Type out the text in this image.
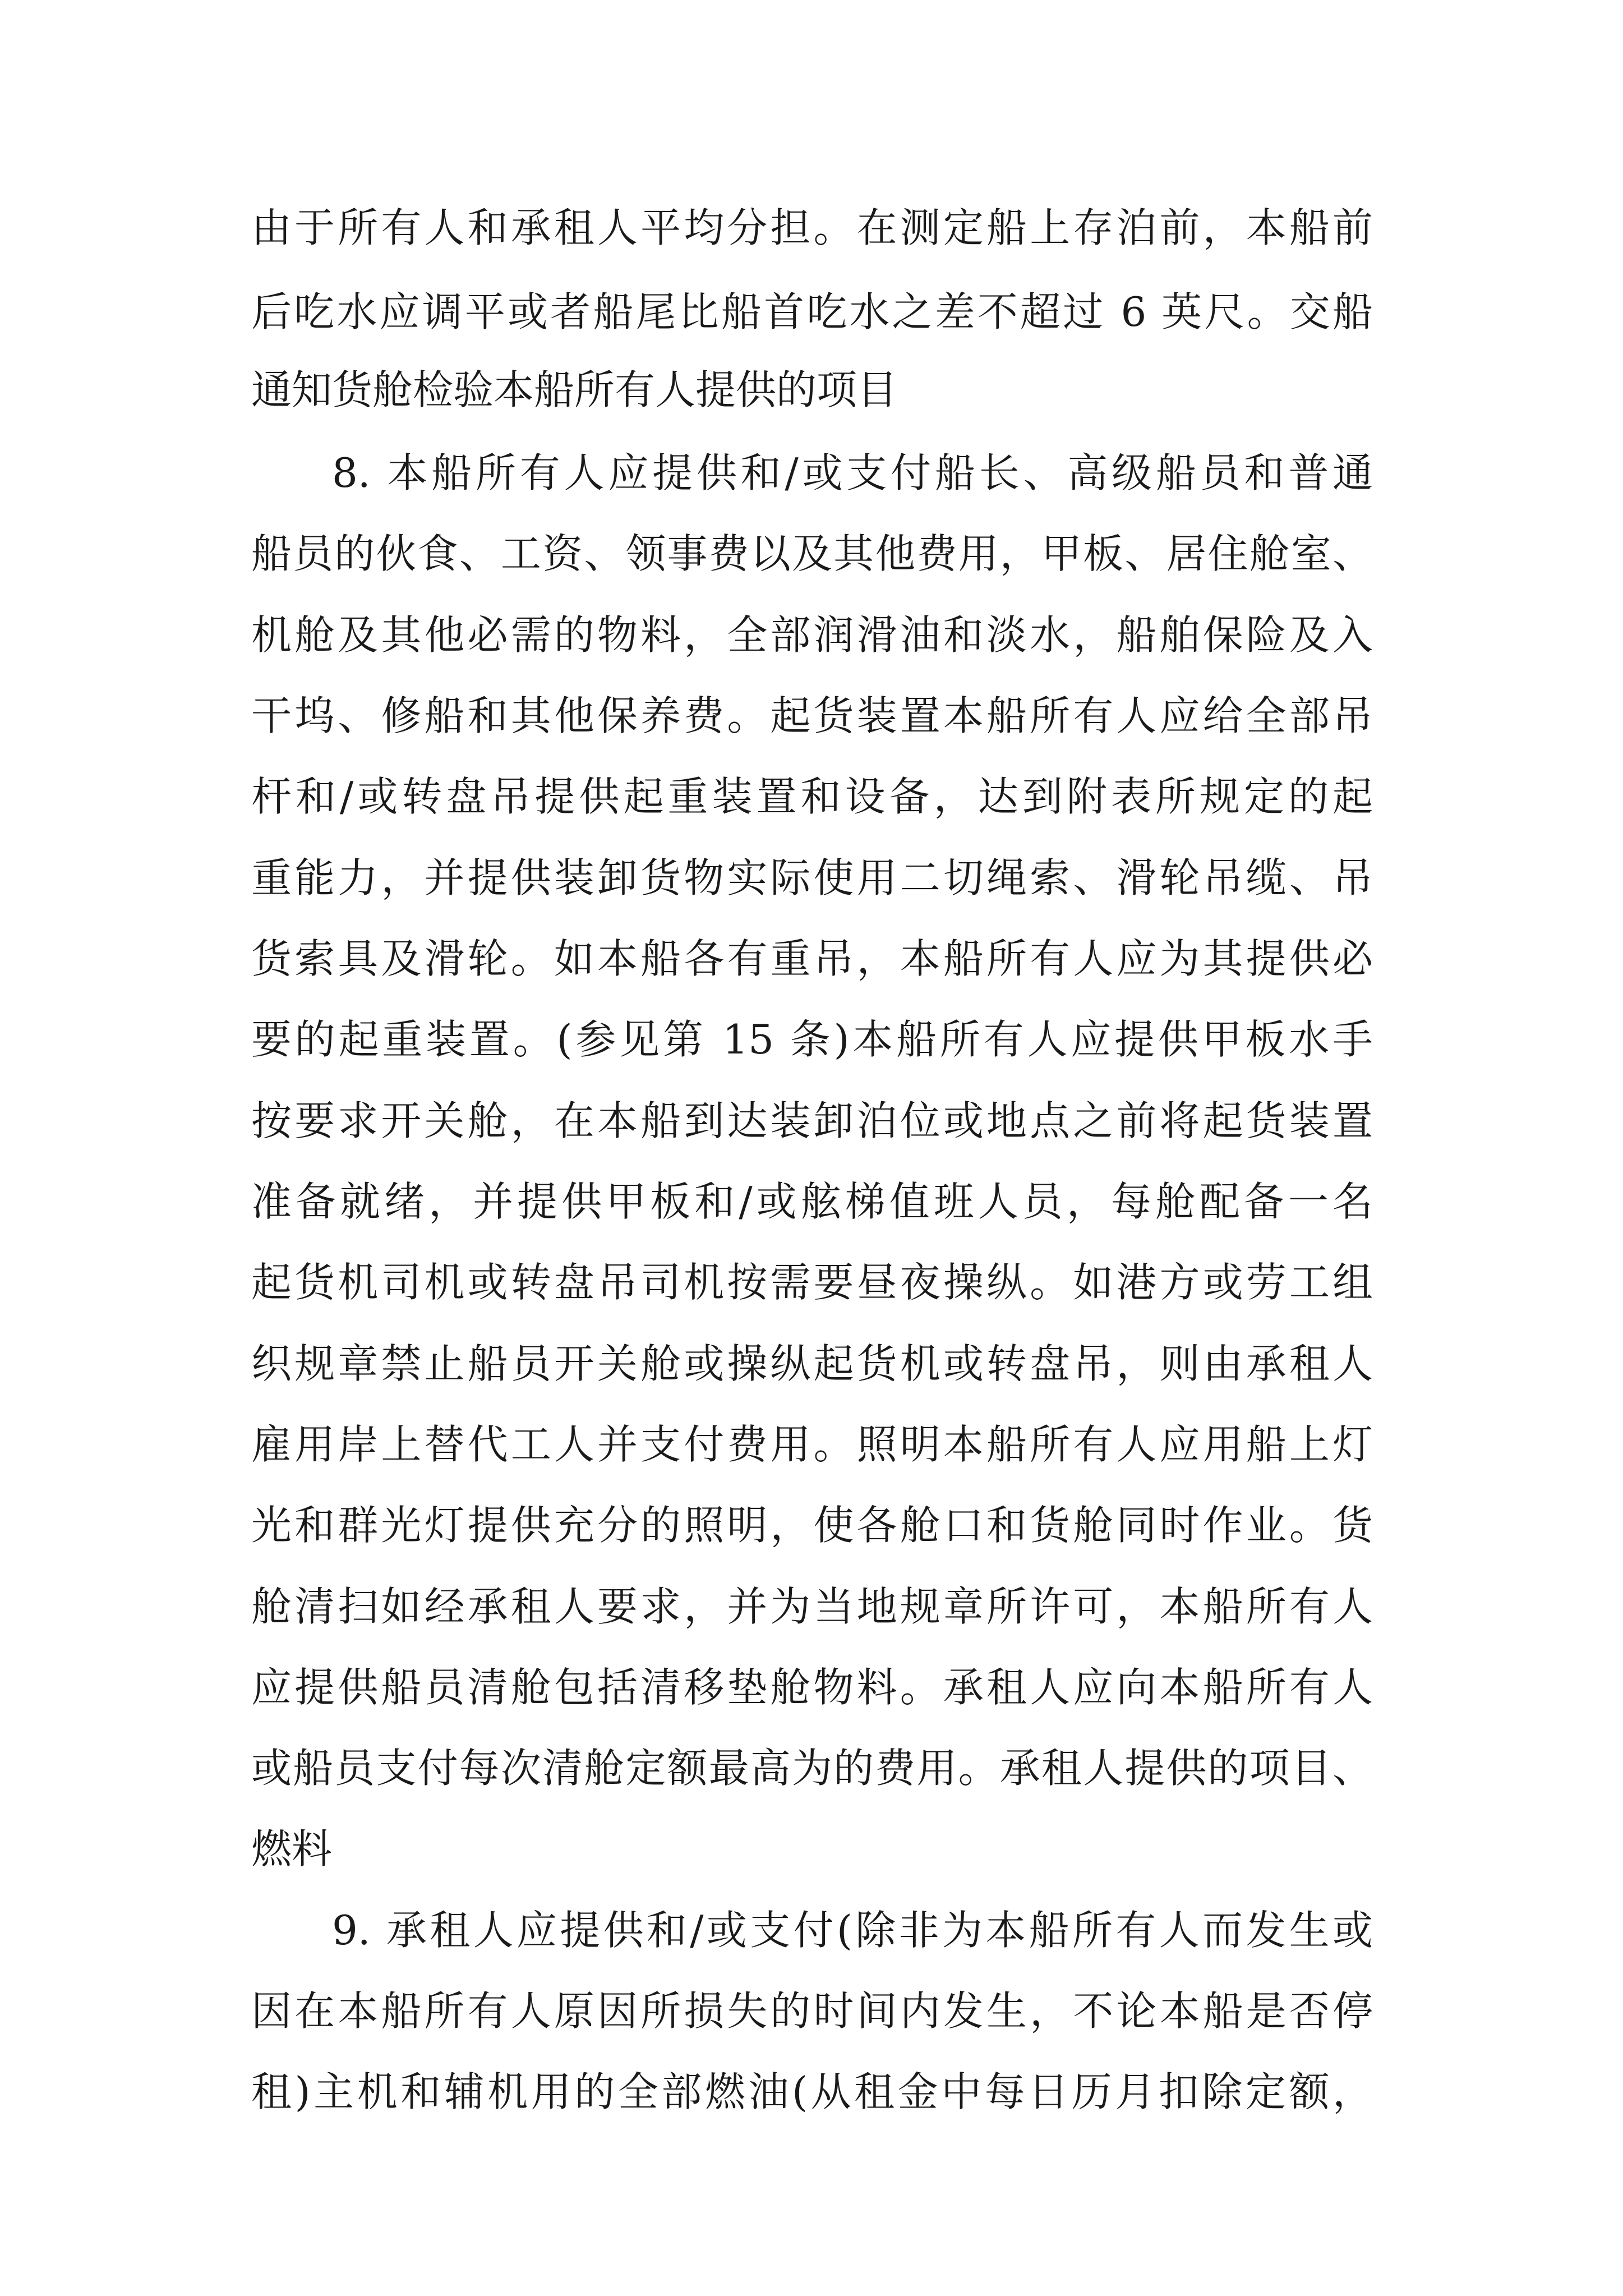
由于所有人和承租人平均分担。在测定船上存泊前，本船前

后吃水应调平或者船尾比船首吃水之差不超过 6 英尺。交船

通知货舱检验本船所有人提供的项目

8. 本船所有人应提供和/或支付船长、高级船员和普通

船员的伙食、工资、领事费以及其他费用，甲板、居住舱室、

机舱及其他必需的物料，全部润滑油和淡水，船舶保险及入

干坞、修船和其他保养费。起货装置本船所有人应给全部吊

杆和/或转盘吊提供起重装置和设备，达到附表所规定的起

重能力，并提供装卸货物实际使用二切绳索、滑轮吊缆、吊

货索具及滑轮。如本船各有重吊，本船所有人应为其提供必

要的起重装置。(参见第 15 条)本船所有人应提供甲板水手

按要求开关舱，在本船到达装卸泊位或地点之前将起货装置

准备就绪，并提供甲板和/或舷梯值班人员，每舱配备一名

起货机司机或转盘吊司机按需要昼夜操纵。如港方或劳工组

织规章禁止船员开关舱或操纵起货机或转盘吊，则由承租人

雇用岸上替代工人并支付费用。照明本船所有人应用船上灯

光和群光灯提供充分的照明，使各舱口和货舱同时作业。货

舱清扫如经承租人要求，并为当地规章所许可，本船所有人

应提供船员清舱包括清移垫舱物料。承租人应向本船所有人

或船员支付每次清舱定额最高为的费用。承租人提供的项目、

燃料

9. 承租人应提供和/或支付(除非为本船所有人而发生或

因在本船所有人原因所损失的时间内发生，不论本船是否停

租)主机和辅机用的全部燃油(从租金中每日历月扣除定额，
